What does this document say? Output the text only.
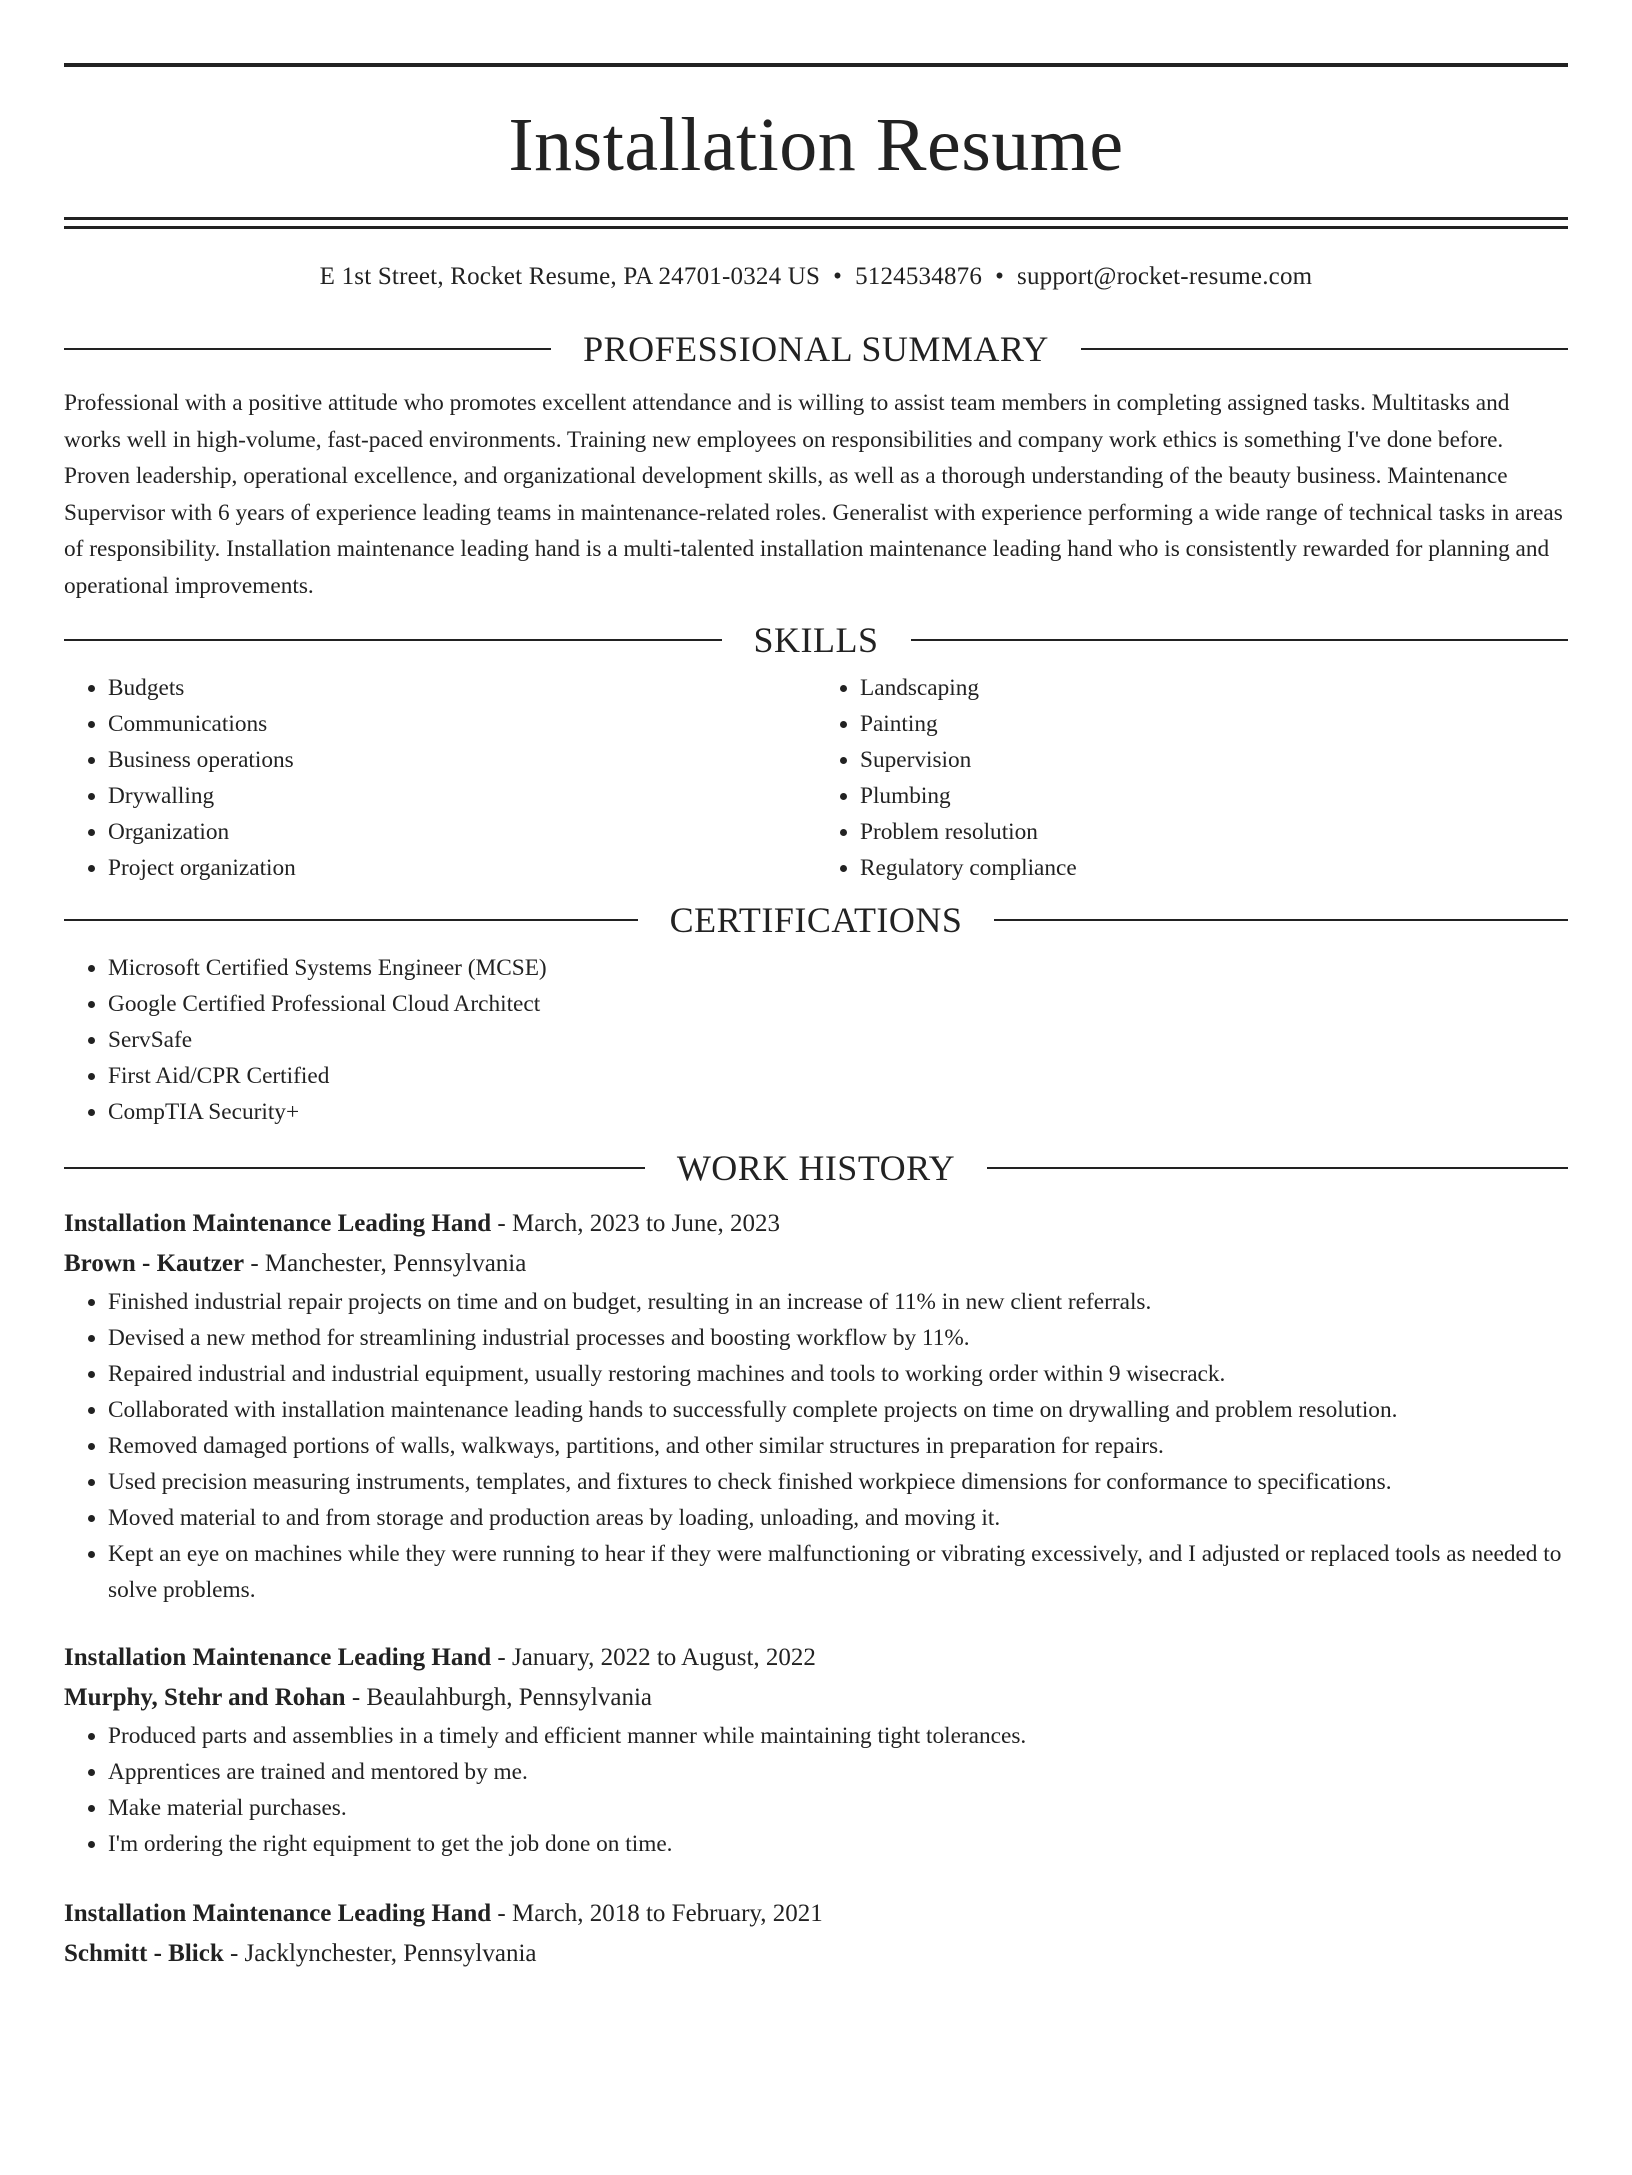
Installation Resume
E 1st Street, Rocket Resume, PA 24701-0324 US • 5124534876 • support@rocket-resume.com
PROFESSIONAL SUMMARY

Professional with a positive attitude who promotes excellent attendance and is willing to assist team members in completing assigned tasks. Multitasks and works well in high-volume, fast-paced environments. Training new employees on responsibilities and company work ethics is something I've done before. Proven leadership, operational excellence, and organizational development skills, as well as a thorough understanding of the beauty business. Maintenance Supervisor with 6 years of experience leading teams in maintenance-related roles. Generalist with experience performing a wide range of technical tasks in areas of responsibility. Installation maintenance leading hand is a multi-talented installation maintenance leading hand who is consistently rewarded for planning and operational improvements.

SKILLS
• Budgets
• Communications
• Business operations
• Drywalling
• Organization
• Project organization
• Landscaping
• Painting
• Supervision
• Plumbing
• Problem resolution
• Regulatory compliance
CERTIFICATIONS
• Microsoft Certified Systems Engineer (MCSE)
• Google Certified Professional Cloud Architect
• ServSafe
• First Aid/CPR Certified
• CompTIA Security+
WORK HISTORY
Installation Maintenance Leading Hand - March, 2023 to June, 2023
Brown - Kautzer - Manchester, Pennsylvania
• Finished industrial repair projects on time and on budget, resulting in an increase of 11% in new client referrals.
• Devised a new method for streamlining industrial processes and boosting workflow by 11%.
• Repaired industrial and industrial equipment, usually restoring machines and tools to working order within 9 wisecrack.
• Collaborated with installation maintenance leading hands to successfully complete projects on time on drywalling and problem resolution.
• Removed damaged portions of walls, walkways, partitions, and other similar structures in preparation for repairs.
• Used precision measuring instruments, templates, and fixtures to check finished workpiece dimensions for conformance to specifications.
• Moved material to and from storage and production areas by loading, unloading, and moving it.
• Kept an eye on machines while they were running to hear if they were malfunctioning or vibrating excessively, and I adjusted or replaced tools as needed to solve problems.
Installation Maintenance Leading Hand - January, 2022 to August, 2022
Murphy, Stehr and Rohan - Beaulahburgh, Pennsylvania
• Produced parts and assemblies in a timely and efficient manner while maintaining tight tolerances.
• Apprentices are trained and mentored by me.
• Make material purchases.
• I'm ordering the right equipment to get the job done on time.
Installation Maintenance Leading Hand - March, 2018 to February, 2021
Schmitt - Blick - Jacklynchester, Pennsylvania
